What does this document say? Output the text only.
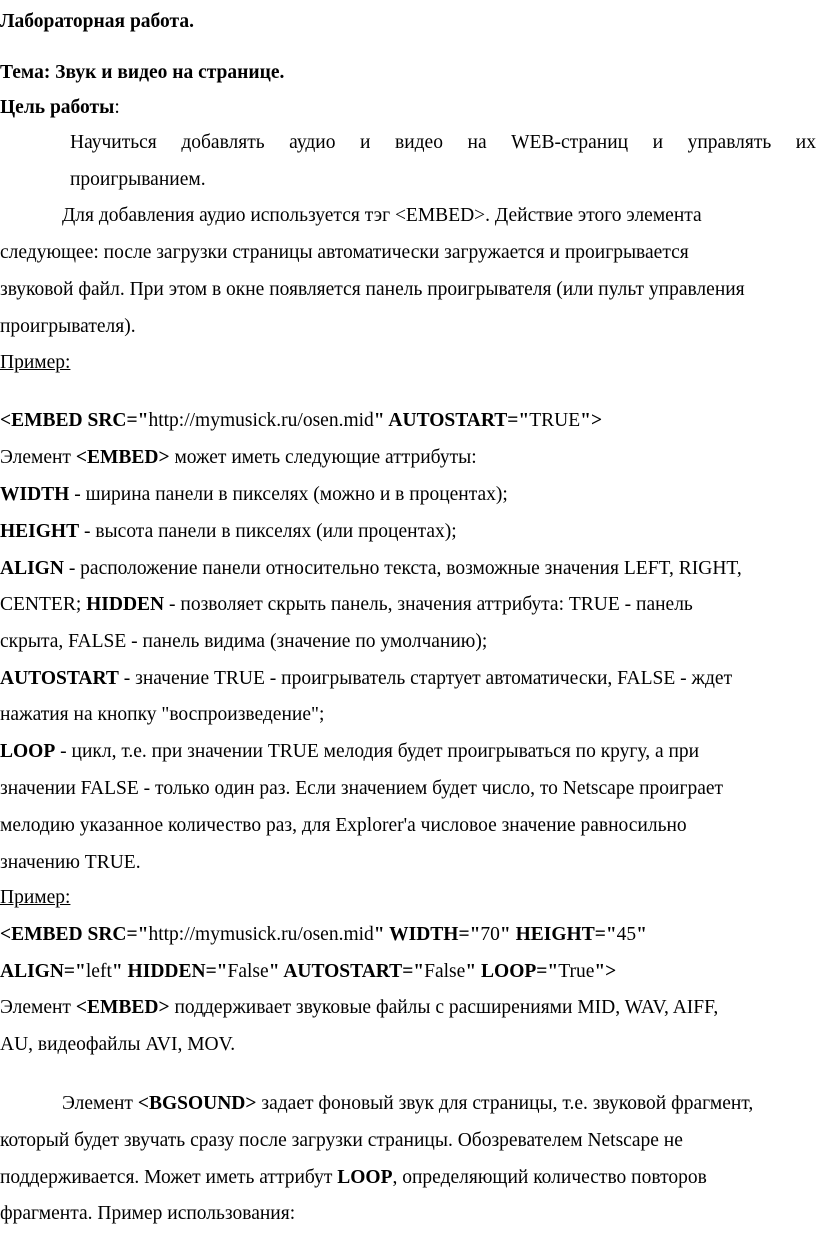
Лабораторная работа.
Тема: Звук и видео на странице.
Цель работы:
Научиться добавлять аудио и видео на WEB-страниц и управлять их
проигрыванием.
Для добавления аудио используется тэг <EMBED>. Действие этого элемента
следующее: после загрузки страницы автоматически загружается и проигрывается
звуковой файл. При этом в окне появляется панель проигрывателя (или пульт управления
проигрывателя).
Пример:
<EMBED SRC="http://mymusick.ru/osen.mid" AUTOSTART="TRUE">
Элемент <EMBED> может иметь следующие аттрибуты:
WIDTH - ширина панели в пикселях (можно и в процентах);
HEIGHT - высота панели в пикселях (или процентах);
ALIGN - расположение панели относительно текста, возможные значения LEFT, RIGHT,
CENTER; HIDDEN - позволяет скрыть панель, значения аттрибута: TRUE - панель
скрыта, FALSE - панель видима (значение по умолчанию);
AUTOSTART - значение TRUE - проигрыватель стартует автоматически, FALSE - ждет
нажатия на кнопку "воспроизведение";
LOOP - цикл, т.е. при значении TRUE мелодия будет проигрываться по кругу, а при
значении FALSE - только один раз. Если значением будет число, то Netscape проиграет
мелодию указанное количество раз, для Explorer'a числовое значение равносильно
значению TRUE.
Пример:
<EMBED SRC="http://mymusick.ru/osen.mid" WIDTH="70" HEIGHT="45"
ALIGN="left" HIDDEN="False" AUTOSTART="False" LOOP="True">
Элемент <EMBED> поддерживает звуковые файлы с расширениями MID, WAV, AIFF,
AU, видеофайлы AVI, MOV.
Элемент <BGSOUND> задает фоновый звук для страницы, т.е. звуковой фрагмент,
который будет звучать сразу после загрузки страницы. Обозревателем Netscape не
поддерживается. Может иметь аттрибут LOOP, определяющий количество повторов
фрагмента. Пример использования:
